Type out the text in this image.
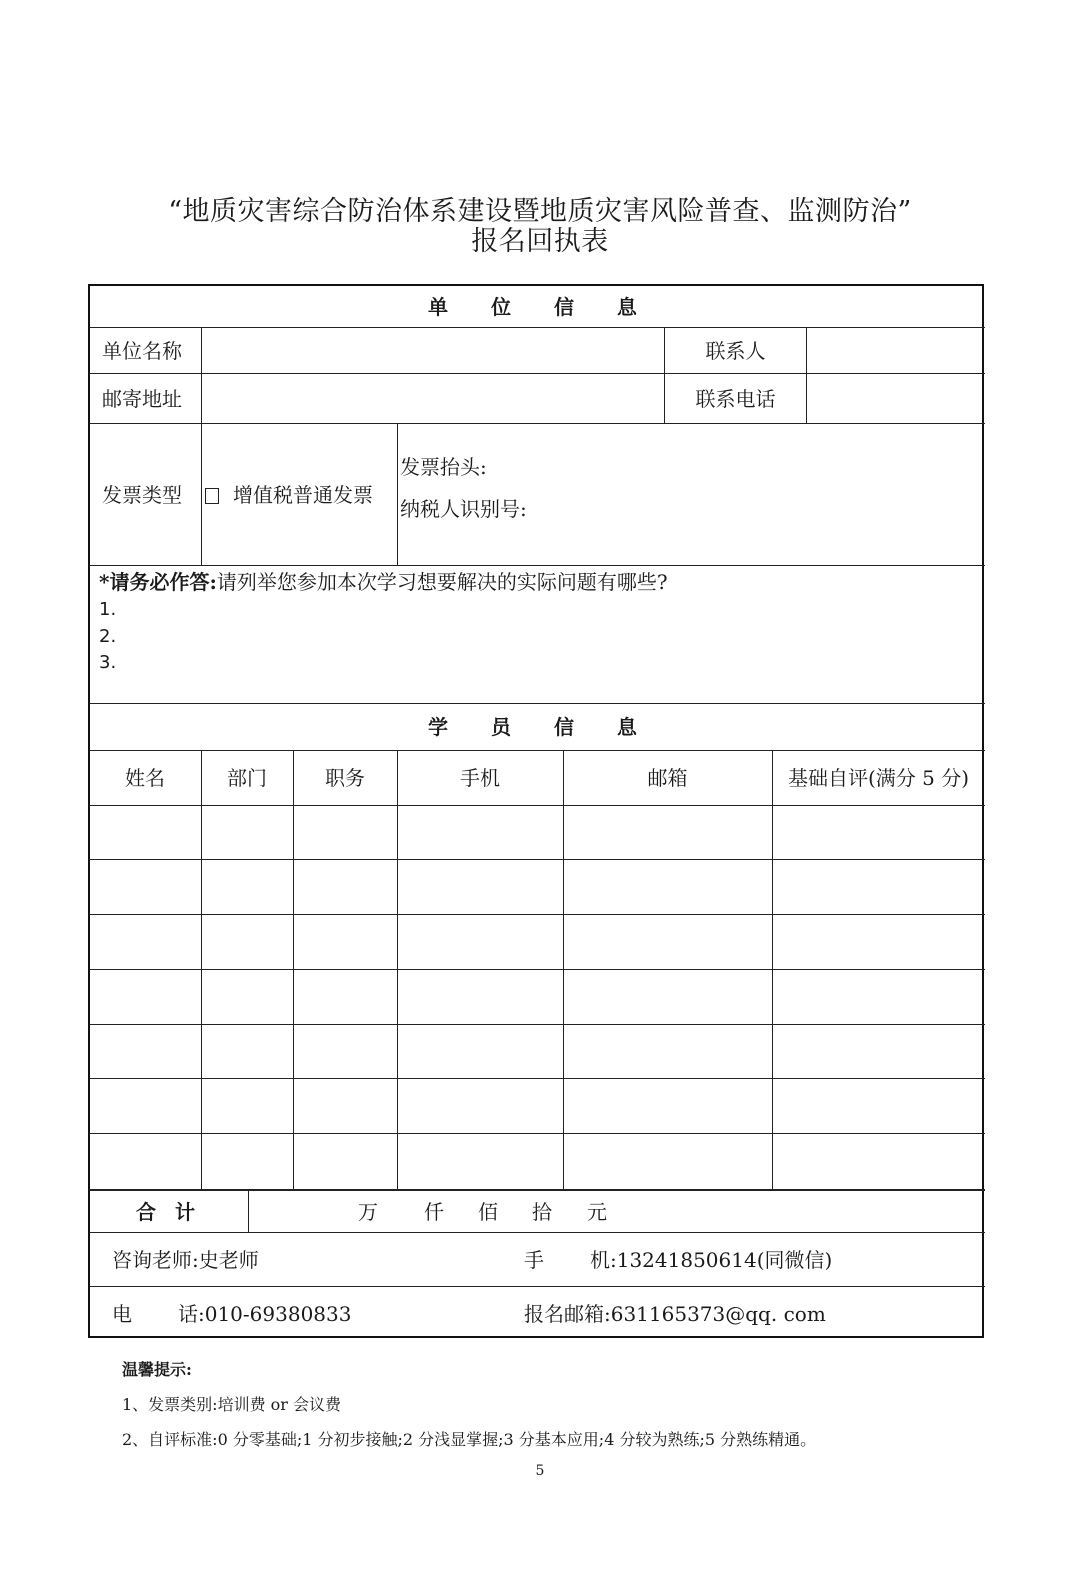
“地质灾害综合防治体系建设暨地质灾害风险普查、监测防治”
报名回执表
单 位 信 息
单位名称	联系人
邮寄地址	联系电话
发票类型	增值税普通发票
发票抬头:
纳税人识别号:
*请务必作答:请列举您参加本次学习想要解决的实际问题有哪些?
1.
2.
3.
学 员 信 息
姓名	部门	职务	手机	邮箱	基础自评(满分 5 分)
合 计	万 仟 佰 拾 元
咨询老师:史老师	手 机:13241850614(同微信)
电 话:010-69380833	报名邮箱:631165373@qq. com
温馨提示:
1、发票类别:培训费 or 会议费
2、自评标准:0 分零基础;1 分初步接触;2 分浅显掌握;3 分基本应用;4 分较为熟练;5 分熟练精通。
5
